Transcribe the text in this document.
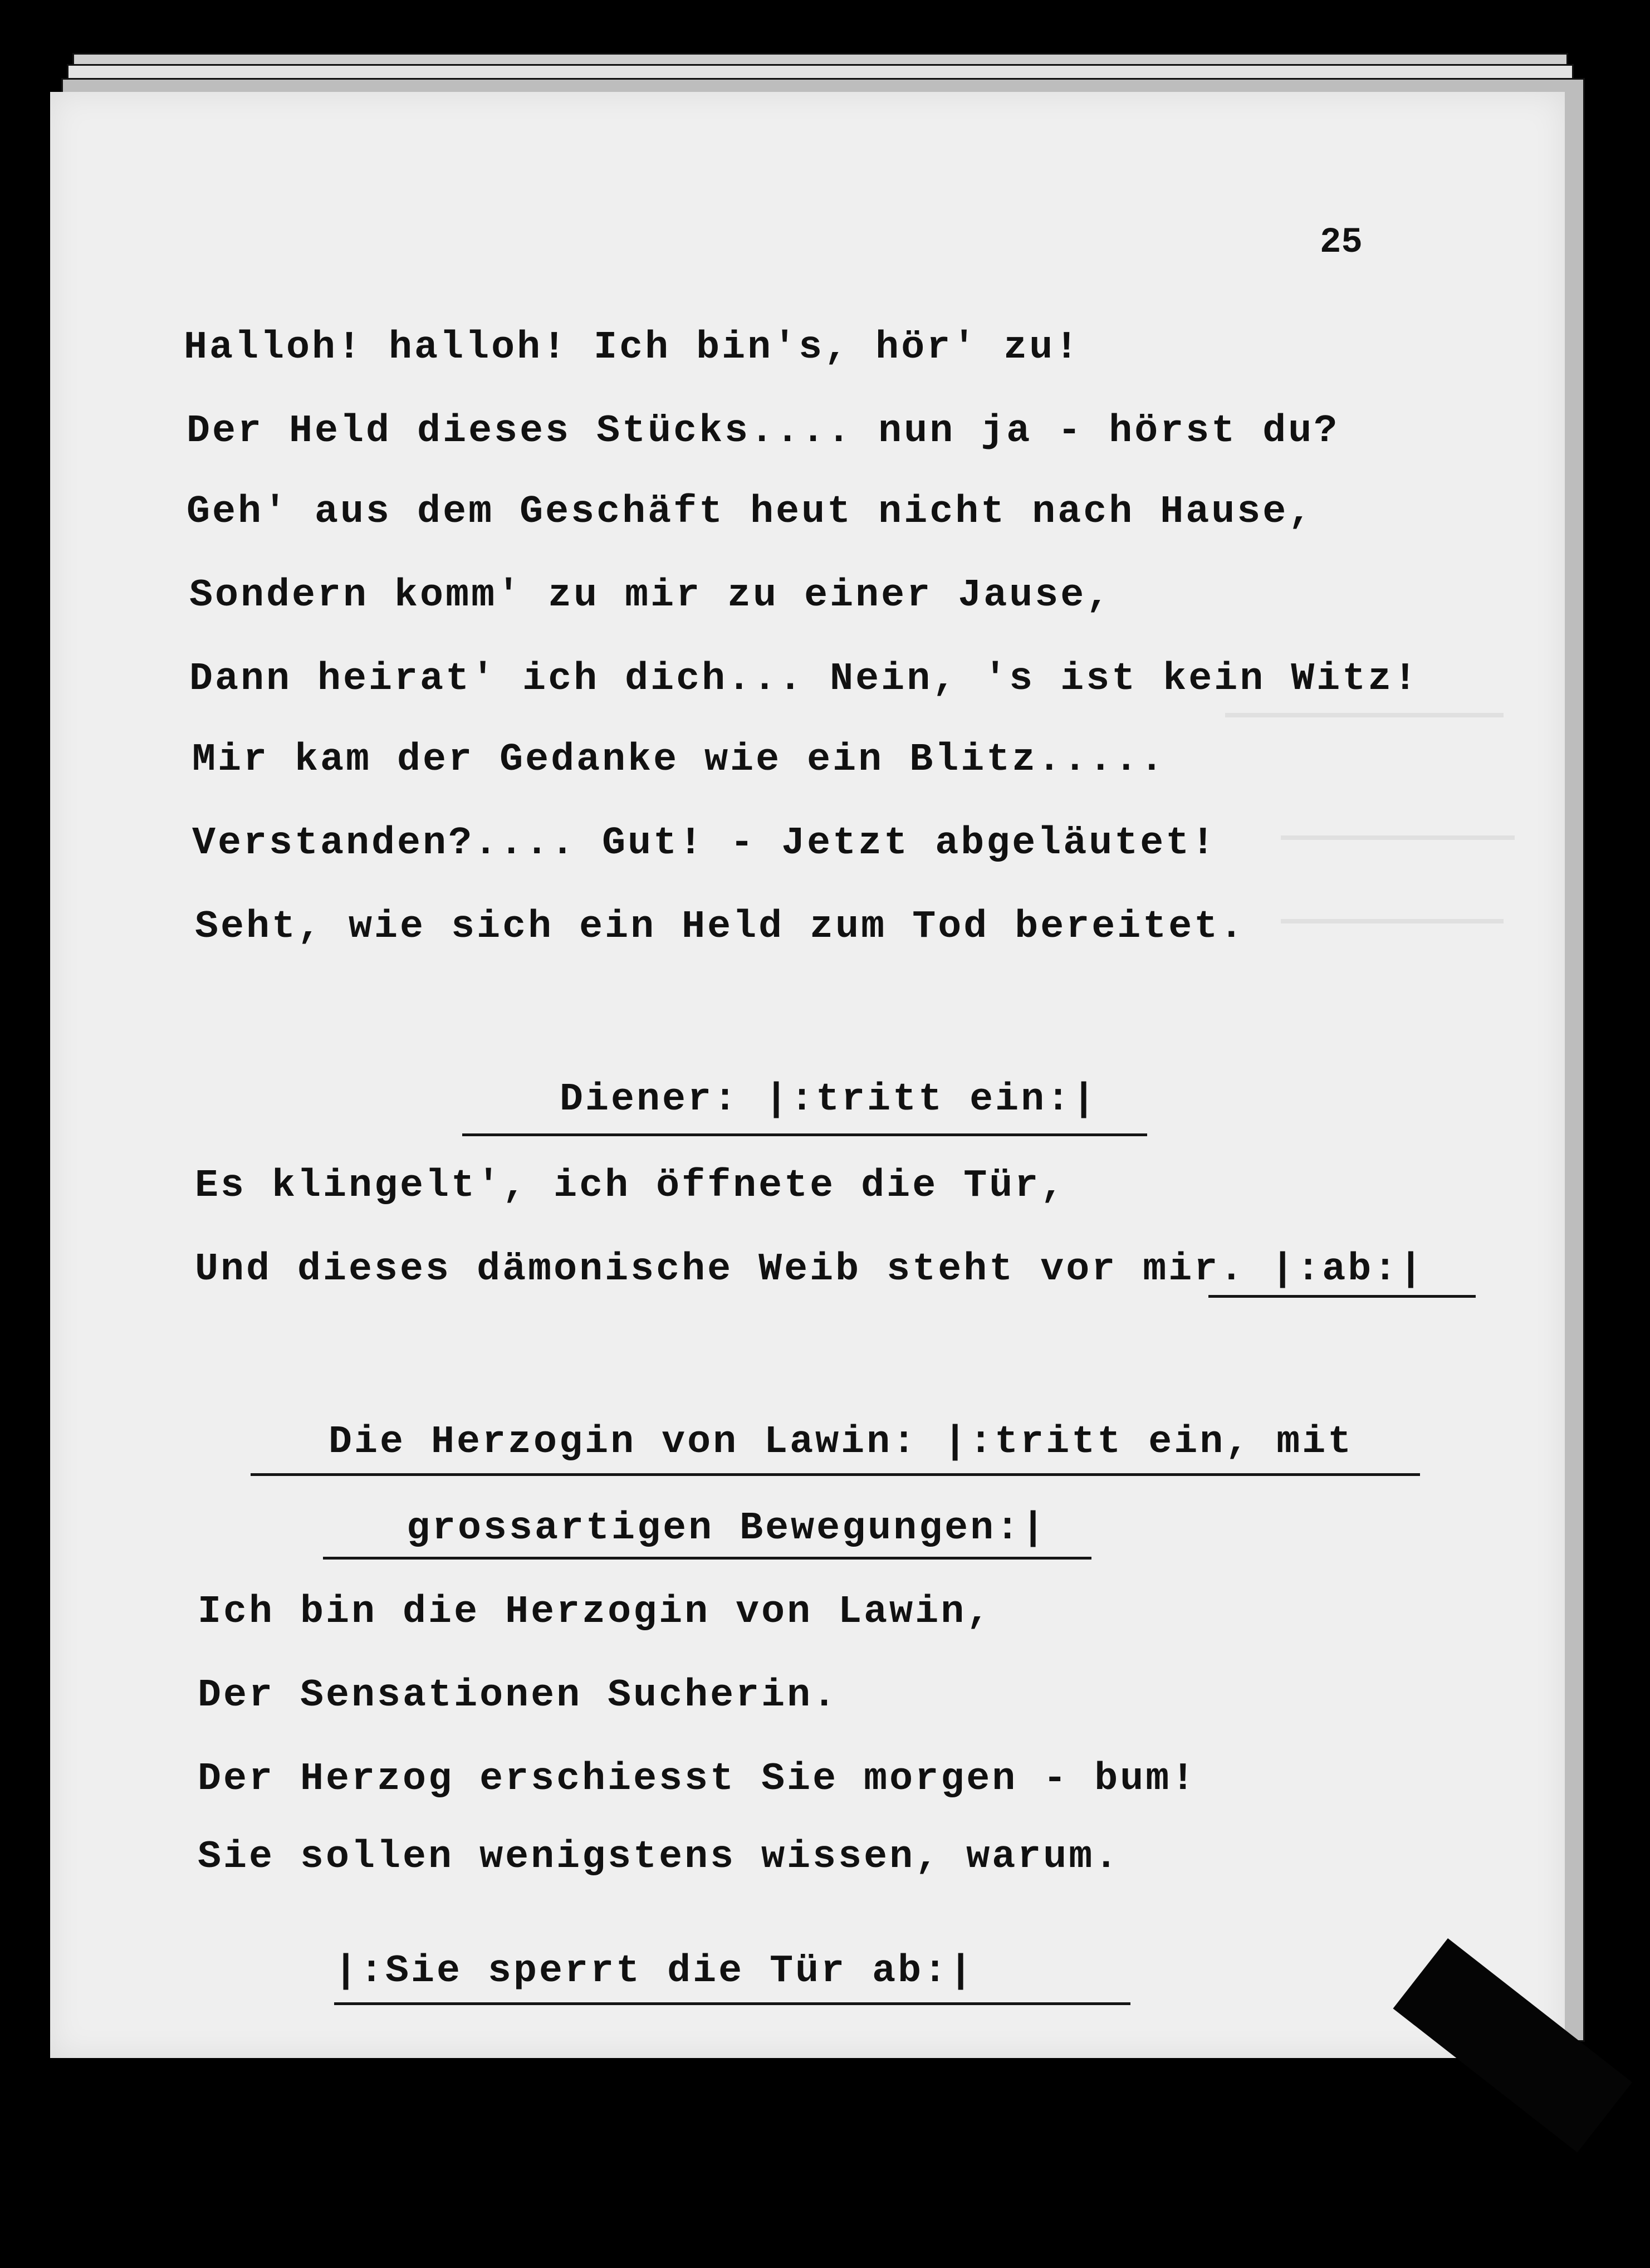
25
Halloh! halloh! Ich bin's, hör' zu!
Der Held dieses Stücks.... nun ja - hörst du?
Geh' aus dem Geschäft heut nicht nach Hause,
Sondern komm' zu mir zu einer Jause,
Dann heirat' ich dich... Nein, 's ist kein Witz!
Mir kam der Gedanke wie ein Blitz.....
Verstanden?.... Gut! - Jetzt abgeläutet!
Seht, wie sich ein Held zum Tod bereitet.
Diener: |:tritt ein:|
Es klingelt', ich öffnete die Tür,
Und dieses dämonische Weib steht vor mir. |:ab:|
Die Herzogin von Lawin: |:tritt ein, mit
grossartigen Bewegungen:|
Ich bin die Herzogin von Lawin,
Der Sensationen Sucherin.
Der Herzog erschiesst Sie morgen - bum!
Sie sollen wenigstens wissen, warum.
|:Sie sperrt die Tür ab:|
